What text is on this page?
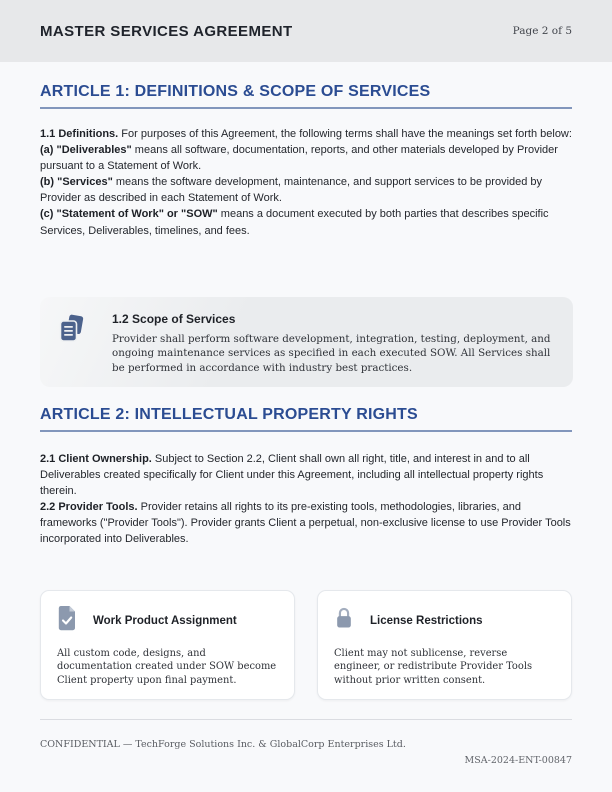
MASTER SERVICES AGREEMENT	Page 2 of 5
ARTICLE 1: DEFINITIONS & SCOPE OF SERVICES

1.1 Definitions. For purposes of this Agreement, the following terms shall have the meanings set forth below:

(a) "Deliverables" means all software, documentation, reports, and other materials developed by Provider pursuant to a Statement of Work.

(b) "Services" means the software development, maintenance, and support services to be provided by Provider as described in each Statement of Work.

(c) "Statement of Work" or "SOW" means a document executed by both parties that describes specific Services, Deliverables, timelines, and fees.

1.2 Scope of Services
Provider shall perform software development, integration, testing, deployment, and ongoing maintenance services as specified in each executed SOW. All Services shall be performed in accordance with industry best practices.
ARTICLE 2: INTELLECTUAL PROPERTY RIGHTS

2.1 Client Ownership. Subject to Section 2.2, Client shall own all right, title, and interest in and to all Deliverables created specifically for Client under this Agreement, including all intellectual property rights therein.

2.2 Provider Tools. Provider retains all rights to its pre-existing tools, methodologies, libraries, and frameworks ("Provider Tools"). Provider grants Client a perpetual, non-exclusive license to use Provider Tools incorporated into Deliverables.

Work Product Assignment
All custom code, designs, and documentation created under SOW become Client property upon final payment.
License Restrictions
Client may not sublicense, reverse engineer, or redistribute Provider Tools without prior written consent.
CONFIDENTIAL — TechForge Solutions Inc. & GlobalCorp Enterprises Ltd.
MSA-2024-ENT-00847
